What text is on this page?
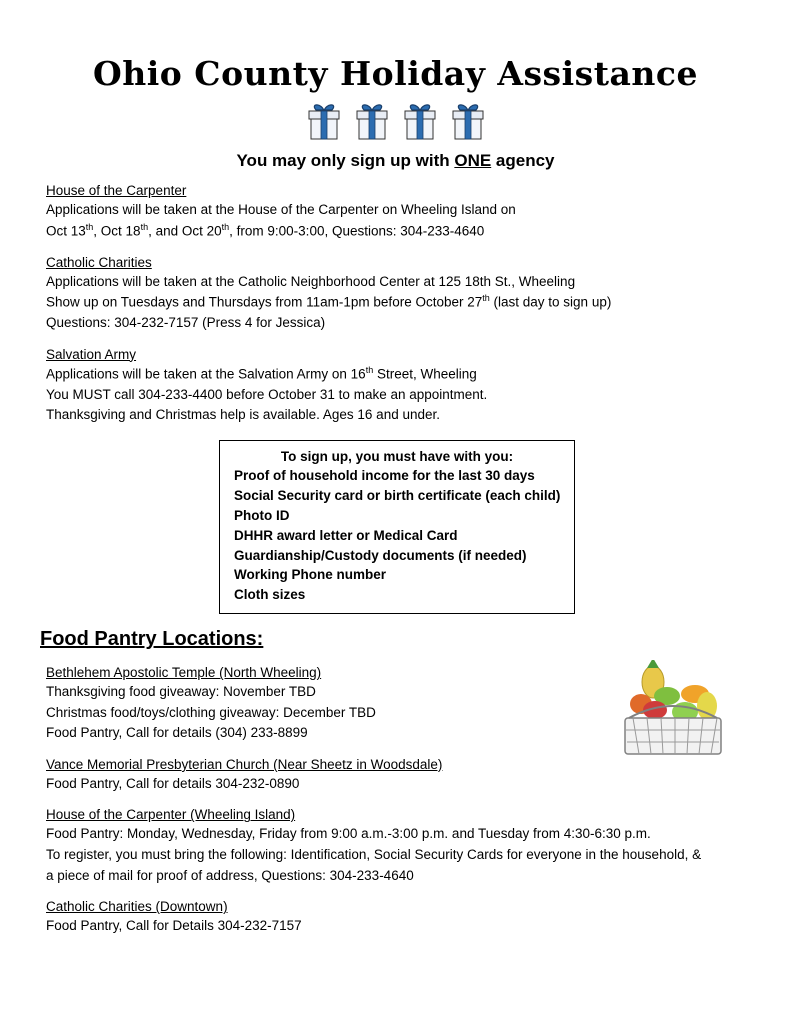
Ohio County Holiday Assistance
You may only sign up with ONE agency
House of the Carpenter
Applications will be taken at the House of the Carpenter on Wheeling Island on
Oct 13th, Oct 18th, and Oct 20th, from 9:00-3:00, Questions: 304-233-4640
Catholic Charities
Applications will be taken at the Catholic Neighborhood Center at 125 18th St., Wheeling
Show up on Tuesdays and Thursdays from 11am-1pm before October 27th (last day to sign up)
Questions: 304-232-7157 (Press 4 for Jessica)
Salvation Army
Applications will be taken at the Salvation Army on 16th Street, Wheeling
You MUST call 304-233-4400 before October 31 to make an appointment.
Thanksgiving and Christmas help is available. Ages 16 and under.
To sign up, you must have with you:
Proof of household income for the last 30 days
Social Security card or birth certificate (each child)
Photo ID
DHHR award letter or Medical Card
Guardianship/Custody documents (if needed)
Working Phone number
Cloth sizes
Food Pantry Locations:
Bethlehem Apostolic Temple (North Wheeling)
Thanksgiving food giveaway: November TBD
Christmas food/toys/clothing giveaway: December TBD
Food Pantry, Call for details (304) 233-8899
Vance Memorial Presbyterian Church (Near Sheetz in Woodsdale)
Food Pantry, Call for details 304-232-0890
House of the Carpenter (Wheeling Island)
Food Pantry: Monday, Wednesday, Friday from 9:00 a.m.-3:00 p.m. and Tuesday from 4:30-6:30 p.m.
To register, you must bring the following: Identification, Social Security Cards for everyone in the household, &
a piece of mail for proof of address, Questions: 304-233-4640
Catholic Charities (Downtown)
Food Pantry, Call for Details 304-232-7157
